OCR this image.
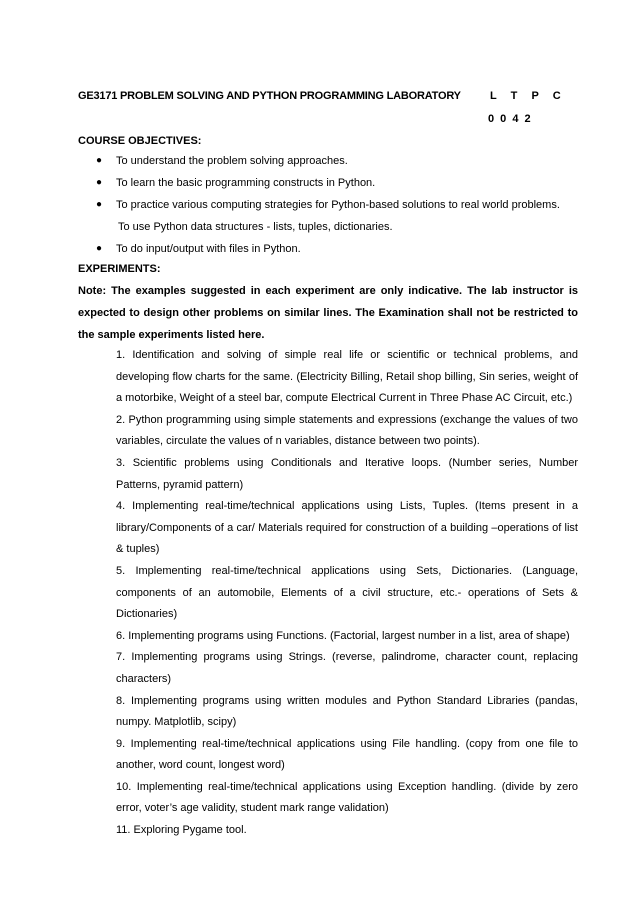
GE3171 PROBLEM SOLVING AND PYTHON PROGRAMMING LABORATORY	L  T  P  C
0 0 4 2
COURSE OBJECTIVES:
● To understand the problem solving approaches.
● To learn the basic programming constructs in Python.
● To practice various computing strategies for Python-based solutions to real world problems.
To use Python data structures - lists, tuples, dictionaries.
● To do input/output with files in Python.
EXPERIMENTS:
Note: The examples suggested in each experiment are only indicative. The lab instructor is expected to design other problems on similar lines. The Examination shall not be restricted to the sample experiments listed here.
1. Identification and solving of simple real life or scientific or technical problems, and developing flow charts for the same. (Electricity Billing, Retail shop billing, Sin series, weight of a motorbike, Weight of a steel bar, compute Electrical Current in Three Phase AC Circuit, etc.)
2. Python programming using simple statements and expressions (exchange the values of two variables, circulate the values of n variables, distance between two points).
3. Scientific problems using Conditionals and Iterative loops. (Number series, Number Patterns, pyramid pattern)
4. Implementing real-time/technical applications using Lists, Tuples. (Items present in a library/Components of a car/ Materials required for construction of a building –operations of list & tuples)
5. Implementing real-time/technical applications using Sets, Dictionaries. (Language, components of an automobile, Elements of a civil structure, etc.- operations of Sets & Dictionaries)
6. Implementing programs using Functions. (Factorial, largest number in a list, area of shape)
7. Implementing programs using Strings. (reverse, palindrome, character count, replacing characters)
8. Implementing programs using written modules and Python Standard Libraries (pandas, numpy. Matplotlib, scipy)
9. Implementing real-time/technical applications using File handling. (copy from one file to another, word count, longest word)
10. Implementing real-time/technical applications using Exception handling. (divide by zero error, voter’s age validity, student mark range validation)
11. Exploring Pygame tool.
